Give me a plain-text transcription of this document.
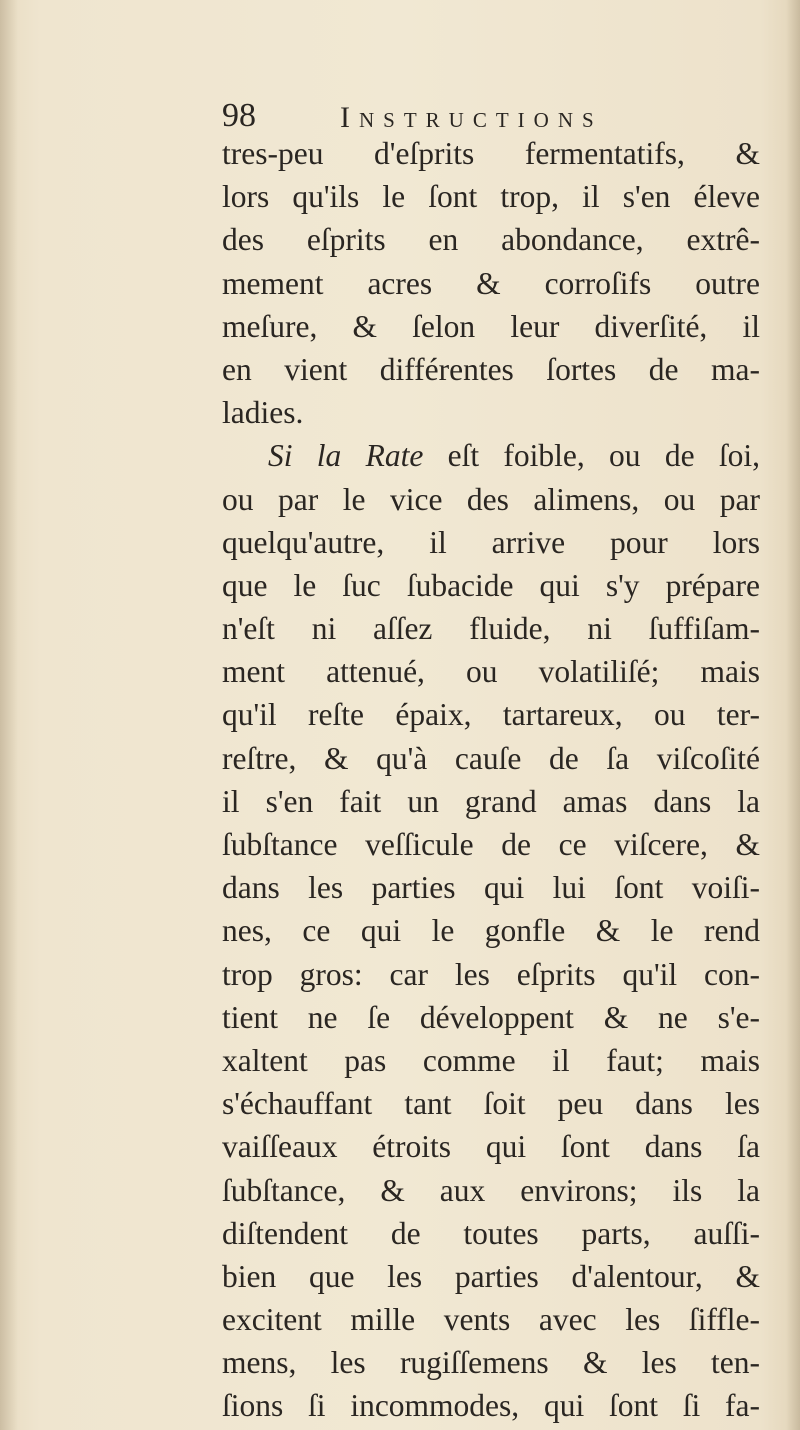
98	Instructions
tres-peu d'eſprits fermentatifs, &
lors qu'ils le ſont trop, il s'en éleve
des eſprits en abondance, extrê-
mement acres & corroſifs outre
meſure, & ſelon leur diverſité, il
en vient différentes ſortes de ma-
ladies.
Si la Rate eſt foible, ou de ſoi,
ou par le vice des alimens, ou par
quelqu'autre, il arrive pour lors
que le ſuc ſubacide qui s'y prépare
n'eſt ni aſſez fluide, ni ſuffiſam-
ment attenué, ou volatiliſé; mais
qu'il reſte épaix, tartareux, ou ter-
reſtre, & qu'à cauſe de ſa viſcoſité
il s'en fait un grand amas dans la
ſubſtance veſſicule de ce viſcere, &
dans les parties qui lui ſont voiſi-
nes, ce qui le gonfle & le rend
trop gros: car les eſprits qu'il con-
tient ne ſe développent & ne s'e-
xaltent pas comme il faut; mais
s'échauffant tant ſoit peu dans les
vaiſſeaux étroits qui ſont dans ſa
ſubſtance, & aux environs; ils la
diſtendent de toutes parts, auſſi-
bien que les parties d'alentour, &
excitent mille vents avec les ſiffle-
mens, les rugiſſemens & les ten-
ſions ſi incommodes, qui ſont ſi fa-
